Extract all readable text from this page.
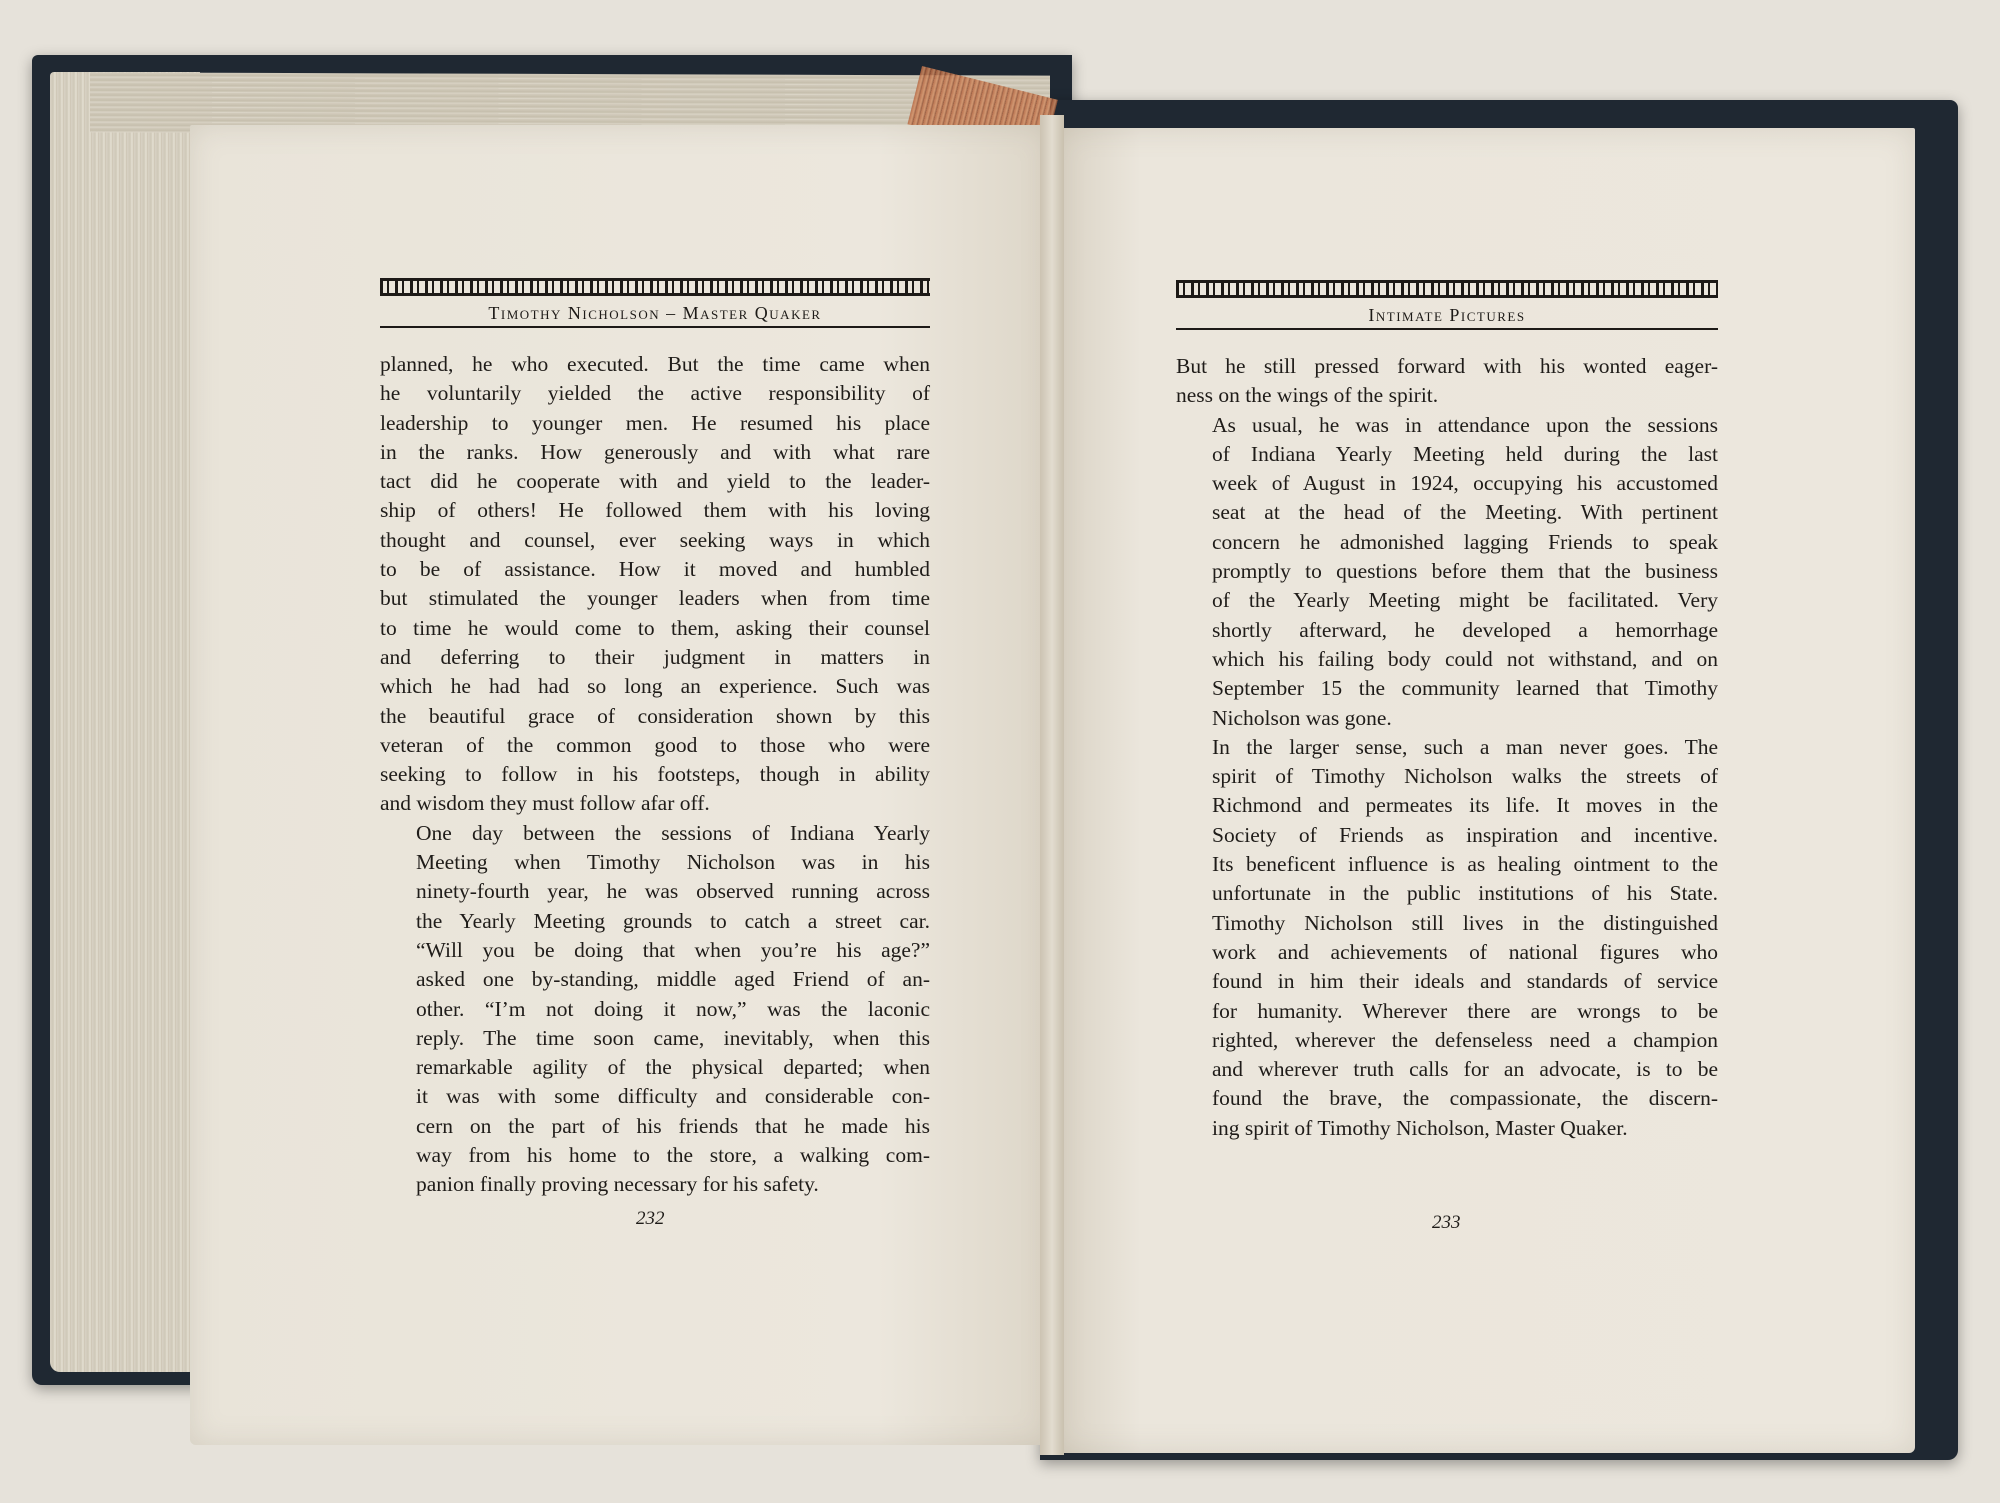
Timothy Nicholson – Master Quaker	Intimate Pictures

planned, he who executed. But the time came when
he voluntarily yielded the active responsibility of
leadership to younger men. He resumed his place
in the ranks. How generously and with what rare
tact did he cooperate with and yield to the leader-
ship of others! He followed them with his loving
thought and counsel, ever seeking ways in which
to be of assistance. How it moved and humbled
but stimulated the younger leaders when from time
to time he would come to them, asking their counsel
and deferring to their judgment in matters in
which he had had so long an experience. Such was
the beautiful grace of consideration shown by this
veteran of the common good to those who were
seeking to follow in his footsteps, though in ability
and wisdom they must follow afar off.

One day between the sessions of Indiana Yearly
Meeting when Timothy Nicholson was in his
ninety-fourth year, he was observed running across
the Yearly Meeting grounds to catch a street car.
“Will you be doing that when you’re his age?”
asked one by-standing, middle aged Friend of an-
other. “I’m not doing it now,” was the laconic
reply. The time soon came, inevitably, when this
remarkable agility of the physical departed; when
it was with some difficulty and considerable con-
cern on the part of his friends that he made his
way from his home to the store, a walking com-
panion finally proving necessary for his safety.

But he still pressed forward with his wonted eager-
ness on the wings of the spirit.

As usual, he was in attendance upon the sessions
of Indiana Yearly Meeting held during the last
week of August in 1924, occupying his accustomed
seat at the head of the Meeting. With pertinent
concern he admonished lagging Friends to speak
promptly to questions before them that the business
of the Yearly Meeting might be facilitated. Very
shortly afterward, he developed a hemorrhage
which his failing body could not withstand, and on
September 15 the community learned that Timothy
Nicholson was gone.

In the larger sense, such a man never goes. The
spirit of Timothy Nicholson walks the streets of
Richmond and permeates its life. It moves in the
Society of Friends as inspiration and incentive.
Its beneficent influence is as healing ointment to the
unfortunate in the public institutions of his State.
Timothy Nicholson still lives in the distinguished
work and achievements of national figures who
found in him their ideals and standards of service
for humanity. Wherever there are wrongs to be
righted, wherever the defenseless need a champion
and wherever truth calls for an advocate, is to be
found the brave, the compassionate, the discern-
ing spirit of Timothy Nicholson, Master Quaker.

232	233
